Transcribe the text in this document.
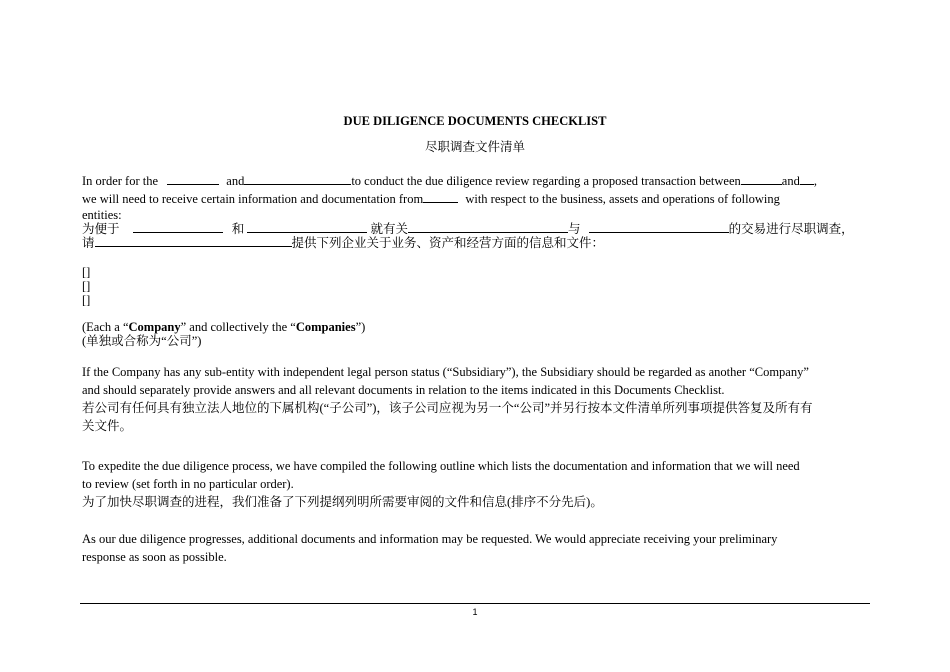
DUE DILIGENCE DOCUMENTS CHECKLIST
尽职调查文件清单
In order for the	and	to conduct the due diligence review regarding a proposed transaction between	and ,
we will need to receive certain information and documentation from	with respect to the business, assets and operations of following
entities:
为便于	和	就有关	与	的交易进行尽职调查，
请	提供下列企业关于业务、资产和经营方面的信息和文件：
[]
[]
[]
(Each a “Company” and collectively the “Companies”)
(单独或合称为“公司”)
If the Company has any sub-entity with independent legal person status (“Subsidiary”), the Subsidiary should be regarded as another “Company”
and should separately provide answers and all relevant documents in relation to the items indicated in this Documents Checklist.
若公司有任何具有独立法人地位的下属机构(“子公司”)，该子公司应视为另一个“公司”并另行按本文件清单所列事项提供答复及所有有
关文件。
To expedite the due diligence process, we have compiled the following outline which lists the documentation and information that we will need
to review (set forth in no particular order).
为了加快尽职调查的进程，我们准备了下列提纲列明所需要审阅的文件和信息(排序不分先后)。
As our due diligence progresses, additional documents and information may be requested. We would appreciate receiving your preliminary
response as soon as possible.
1
